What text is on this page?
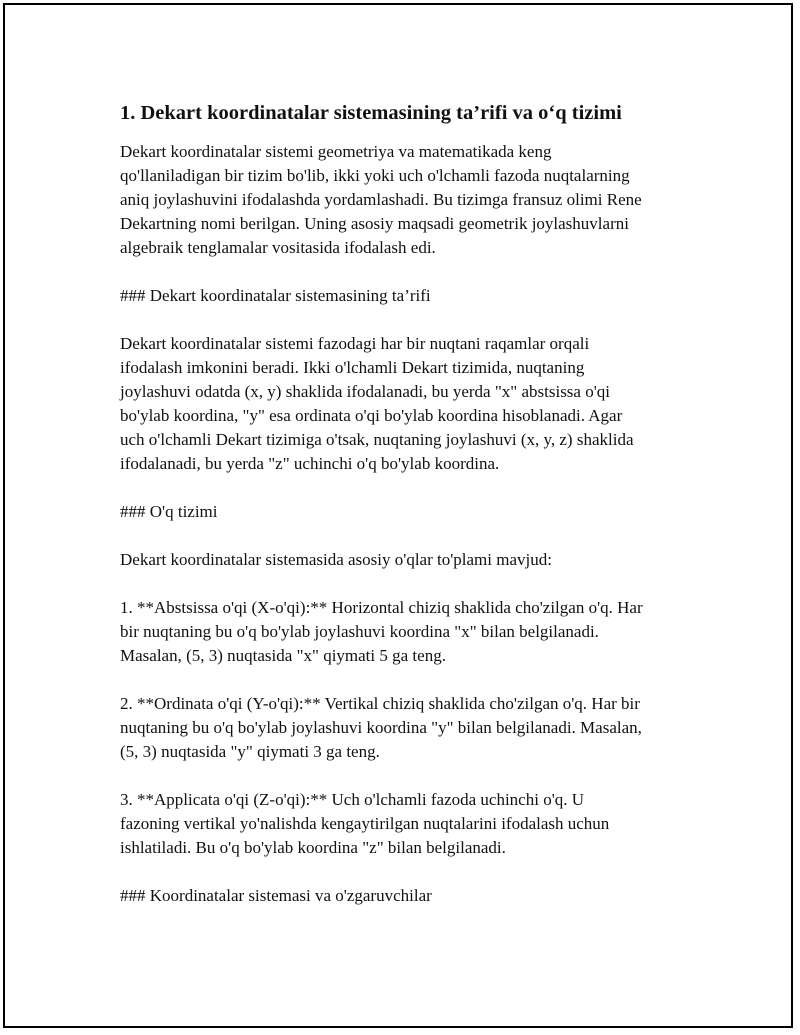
1. Dekart koordinatalar sistemasining ta’rifi va o‘q tizimi

Dekart koordinatalar sistemi geometriya va matematikada keng
qo'llaniladigan bir tizim bo'lib, ikki yoki uch o'lchamli fazoda nuqtalarning
aniq joylashuvini ifodalashda yordamlashadi. Bu tizimga fransuz olimi Rene
Dekartning nomi berilgan. Uning asosiy maqsadi geometrik joylashuvlarni
algebraik tenglamalar vositasida ifodalash edi.

### Dekart koordinatalar sistemasining ta’rifi

Dekart koordinatalar sistemi fazodagi har bir nuqtani raqamlar orqali
ifodalash imkonini beradi. Ikki o'lchamli Dekart tizimida, nuqtaning
joylashuvi odatda (x, y) shaklida ifodalanadi, bu yerda "x" abstsissa o'qi
bo'ylab koordina, "y" esa ordinata o'qi bo'ylab koordina hisoblanadi. Agar
uch o'lchamli Dekart tizimiga o'tsak, nuqtaning joylashuvi (x, y, z) shaklida
ifodalanadi, bu yerda "z" uchinchi o'q bo'ylab koordina.

### O'q tizimi

Dekart koordinatalar sistemasida asosiy o'qlar to'plami mavjud:

1. **Abstsissa o'qi (X-o'qi):** Horizontal chiziq shaklida cho'zilgan o'q. Har
bir nuqtaning bu o'q bo'ylab joylashuvi koordina "x" bilan belgilanadi.
Masalan, (5, 3) nuqtasida "x" qiymati 5 ga teng.

2. **Ordinata o'qi (Y-o'qi):** Vertikal chiziq shaklida cho'zilgan o'q. Har bir
nuqtaning bu o'q bo'ylab joylashuvi koordina "y" bilan belgilanadi. Masalan,
(5, 3) nuqtasida "y" qiymati 3 ga teng.

3. **Applicata o'qi (Z-o'qi):** Uch o'lchamli fazoda uchinchi o'q. U
fazoning vertikal yo'nalishda kengaytirilgan nuqtalarini ifodalash uchun
ishlatiladi. Bu o'q bo'ylab koordina "z" bilan belgilanadi.

### Koordinatalar sistemasi va o'zgaruvchilar
